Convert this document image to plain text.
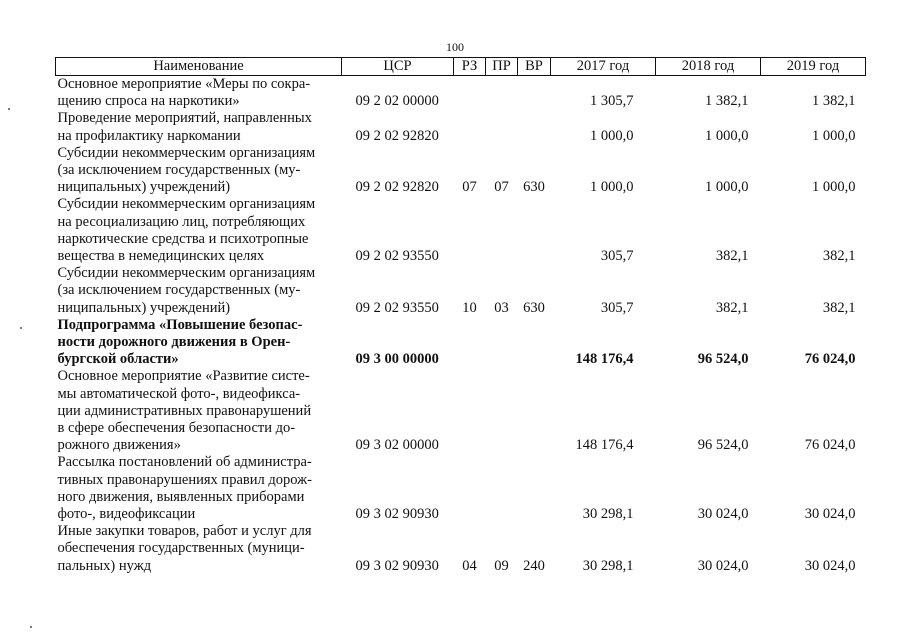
100
Наименование	ЦСР	РЗ	ПР	ВР	2017 год	2018 год	2019 год
Основное мероприятие «Меры по сокра-
щению спроса на наркотики»	09 2 02 00000				1 305,7	1 382,1	1 382,1
Проведение мероприятий, направленных
на профилактику наркомании	09 2 02 92820				1 000,0	1 000,0	1 000,0
Субсидии некоммерческим организациям
(за исключением государственных (му-
ниципальных) учреждений)	09 2 02 92820	07	07	630	1 000,0	1 000,0	1 000,0
Субсидии некоммерческим организациям
на ресоциализацию лиц, потребляющих
наркотические средства и психотропные
вещества в немедицинских целях	09 2 02 93550				305,7	382,1	382,1
Субсидии некоммерческим организациям
(за исключением государственных (му-
ниципальных) учреждений)	09 2 02 93550	10	03	630	305,7	382,1	382,1
Подпрограмма «Повышение безопас-
ности дорожного движения в Орен-
бургской области»	09 3 00 00000				148 176,4	96 524,0	76 024,0
Основное мероприятие «Развитие систе-
мы автоматической фото-, видеофикса-
ции административных правонарушений
в сфере обеспечения безопасности до-
рожного движения»	09 3 02 00000				148 176,4	96 524,0	76 024,0
Рассылка постановлений об администра-
тивных правонарушениях правил дорож-
ного движения, выявленных приборами
фото-, видеофиксации	09 3 02 90930				30 298,1	30 024,0	30 024,0
Иные закупки товаров, работ и услуг для
обеспечения государственных (муници-
пальных) нужд	09 3 02 90930	04	09	240	30 298,1	30 024,0	30 024,0
